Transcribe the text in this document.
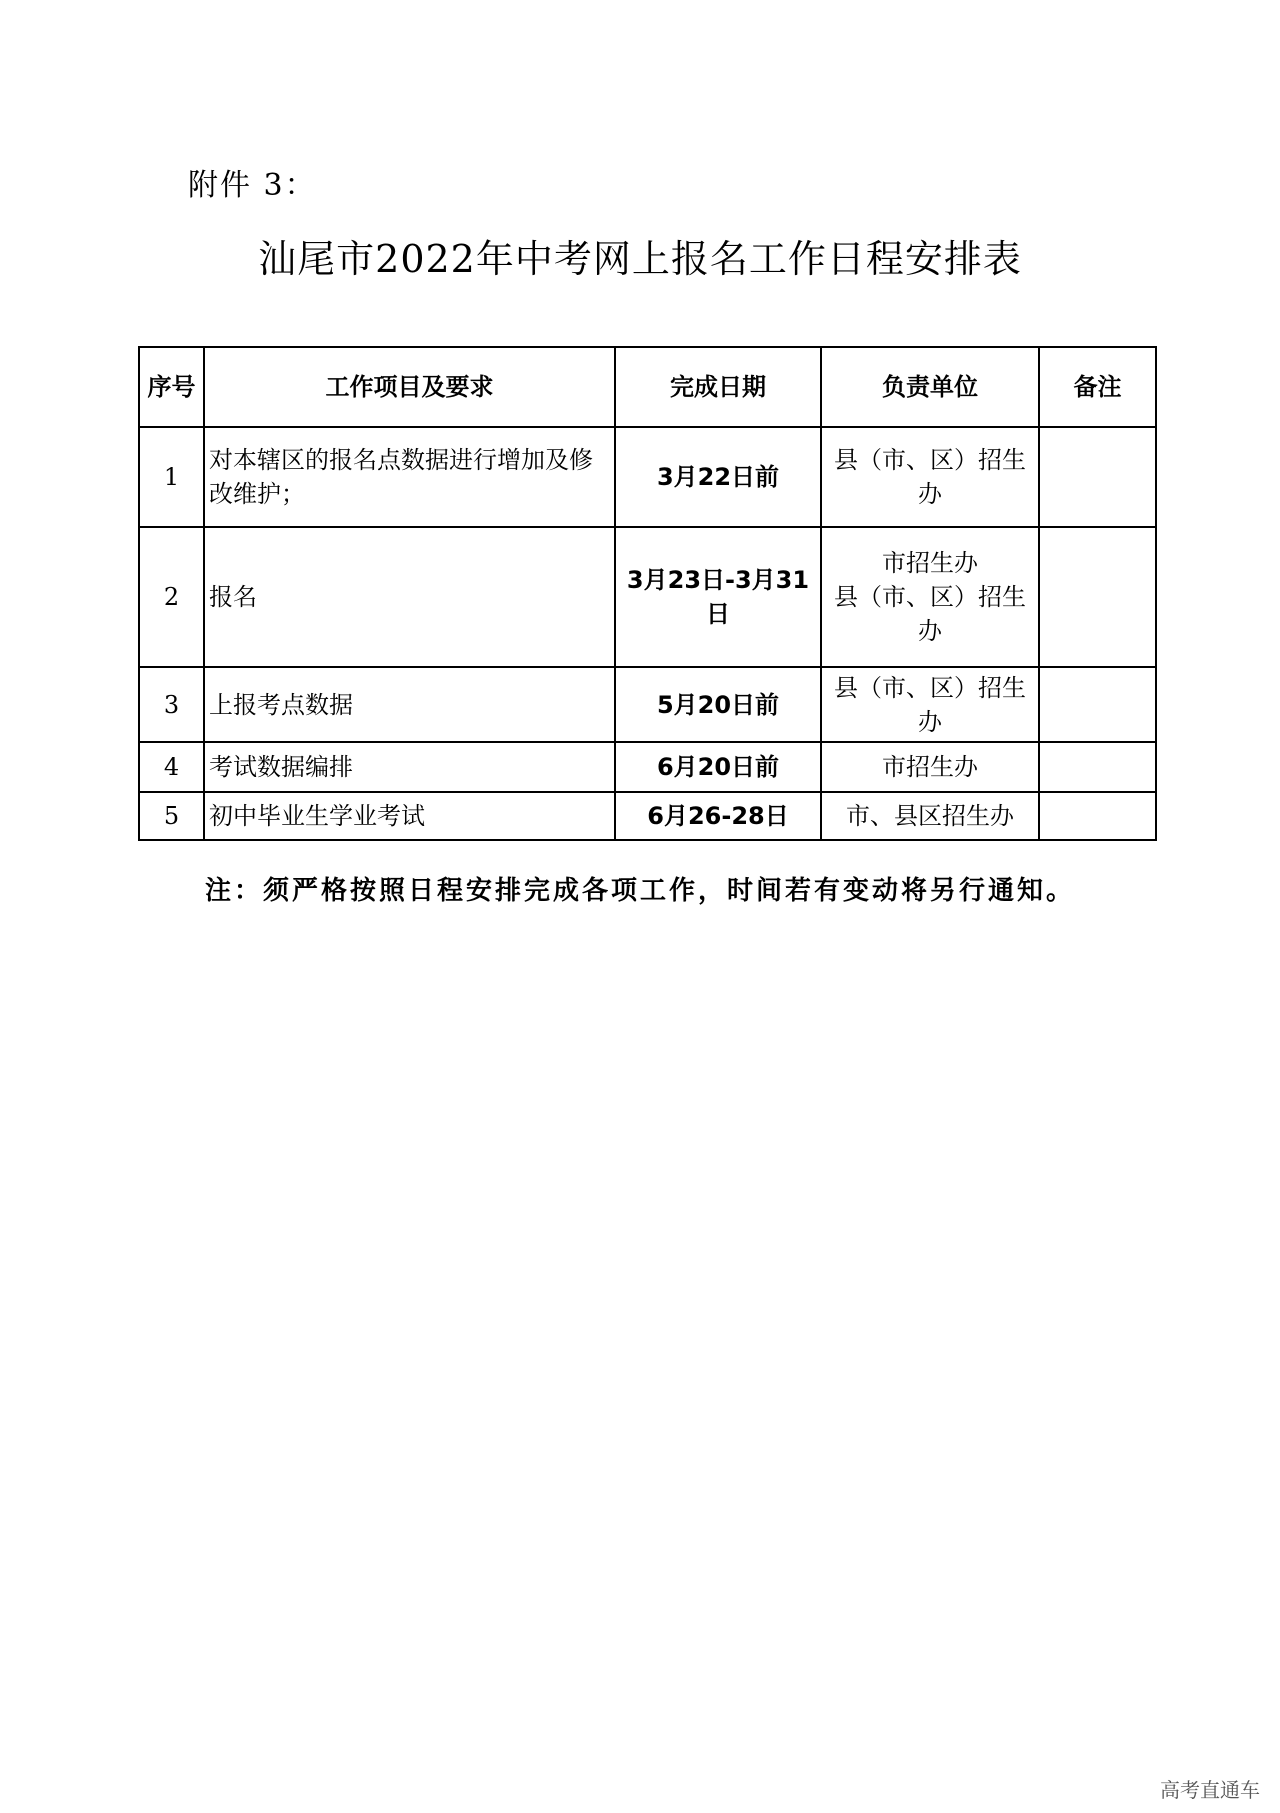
附件 3：
汕尾市2022年中考网上报名工作日程安排表
序号	工作项目及要求	完成日期	负责单位	备注
1	对本辖区的报名点数据进行增加及修改维护；	3月22日前	县（市、区）招生办	

2	报名	3月23日-3月31日	市招生办
县（市、区）招生办	

3	上报考点数据	5月20日前	县（市、区）招生办	

4	考试数据编排	6月20日前	市招生办	

5	初中毕业生学业考试	6月26-28日	市、县区招生办	

注：须严格按照日程安排完成各项工作，时间若有变动将另行通知。
高考直通车
